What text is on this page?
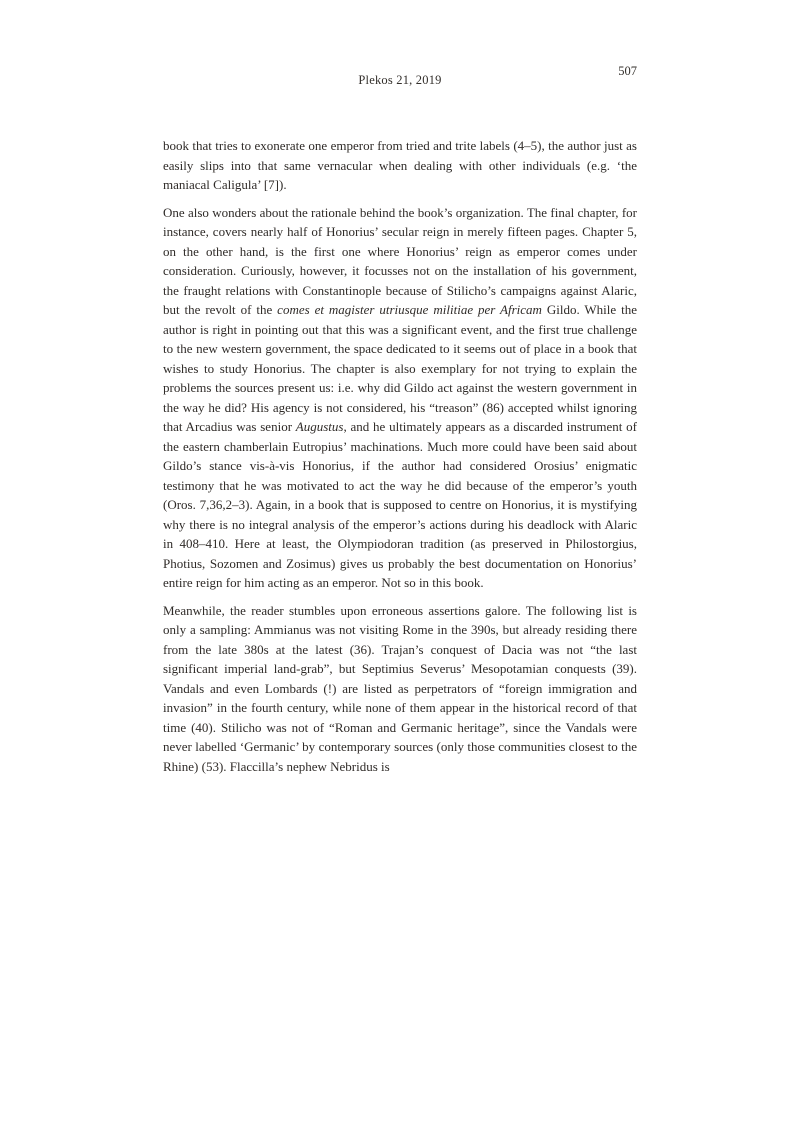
Plekos 21, 2019
507

book that tries to exonerate one emperor from tried and trite labels (4–5), the author just as easily slips into that same vernacular when dealing with other individuals (e.g. ‘the maniacal Caligula’ [7]).

One also wonders about the rationale behind the book’s organization. The final chapter, for instance, covers nearly half of Honorius’ secular reign in merely fifteen pages. Chapter 5, on the other hand, is the first one where Honorius’ reign as emperor comes under consideration. Curiously, however, it focusses not on the installation of his government, the fraught relations with Constantinople because of Stilicho’s campaigns against Alaric, but the revolt of the comes et magister utriusque militiae per Africam Gildo. While the author is right in pointing out that this was a significant event, and the first true challenge to the new western government, the space dedicated to it seems out of place in a book that wishes to study Honorius. The chapter is also exemplary for not trying to explain the problems the sources present us: i.e. why did Gildo act against the western government in the way he did? His agency is not considered, his “treason” (86) accepted whilst ignoring that Arcadius was senior Augustus, and he ultimately appears as a discarded instrument of the eastern chamberlain Eutropius’ machinations. Much more could have been said about Gildo’s stance vis-à-vis Honorius, if the author had considered Orosius’ enigmatic testimony that he was motivated to act the way he did because of the emperor’s youth (Oros. 7,36,2–3). Again, in a book that is supposed to centre on Honorius, it is mystifying why there is no integral analysis of the emperor’s actions during his deadlock with Alaric in 408–410. Here at least, the Olympiodoran tradition (as preserved in Philostorgius, Photius, Sozomen and Zosimus) gives us probably the best documentation on Honorius’ entire reign for him acting as an emperor. Not so in this book.

Meanwhile, the reader stumbles upon erroneous assertions galore. The following list is only a sampling: Ammianus was not visiting Rome in the 390s, but already residing there from the late 380s at the latest (36). Trajan’s conquest of Dacia was not “the last significant imperial land-grab”, but Septimius Severus’ Mesopotamian conquests (39). Vandals and even Lombards (!) are listed as perpetrators of “foreign immigration and invasion” in the fourth century, while none of them appear in the historical record of that time (40). Stilicho was not of “Roman and Germanic heritage”, since the Vandals were never labelled ‘Germanic’ by contemporary sources (only those communities closest to the Rhine) (53). Flaccilla’s nephew Nebridus is
